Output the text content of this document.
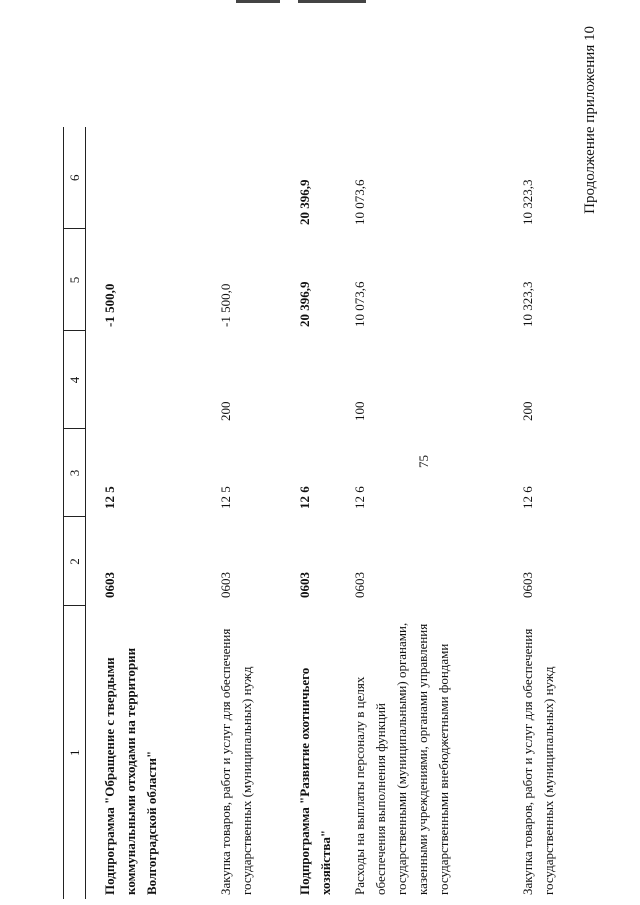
75
Продолжение приложения 10
1	2	3	4	5	6
Подпрограмма "Обращение с твердыми коммунальными отходами на территории Волгоградской области"	0603	12 5		-1 500,0	
Закупка товаров, работ и услуг для обеспечения государственных (муниципальных) нужд	0603	12 5	200	-1 500,0	
Подпрограмма "Развитие охотничьего хозяйства"	0603	12 6		20 396,9	20 396,9
Расходы на выплаты персоналу в целях обеспечения выполнения функций государственными (муниципальными) органами, казенными учреждениями, органами управления государственными внебюджетными фондами	0603	12 6	100	10 073,6	10 073,6
Закупка товаров, работ и услуг для обеспечения государственных (муниципальных) нужд	0603	12 6	200	10 323,3	10 323,3
